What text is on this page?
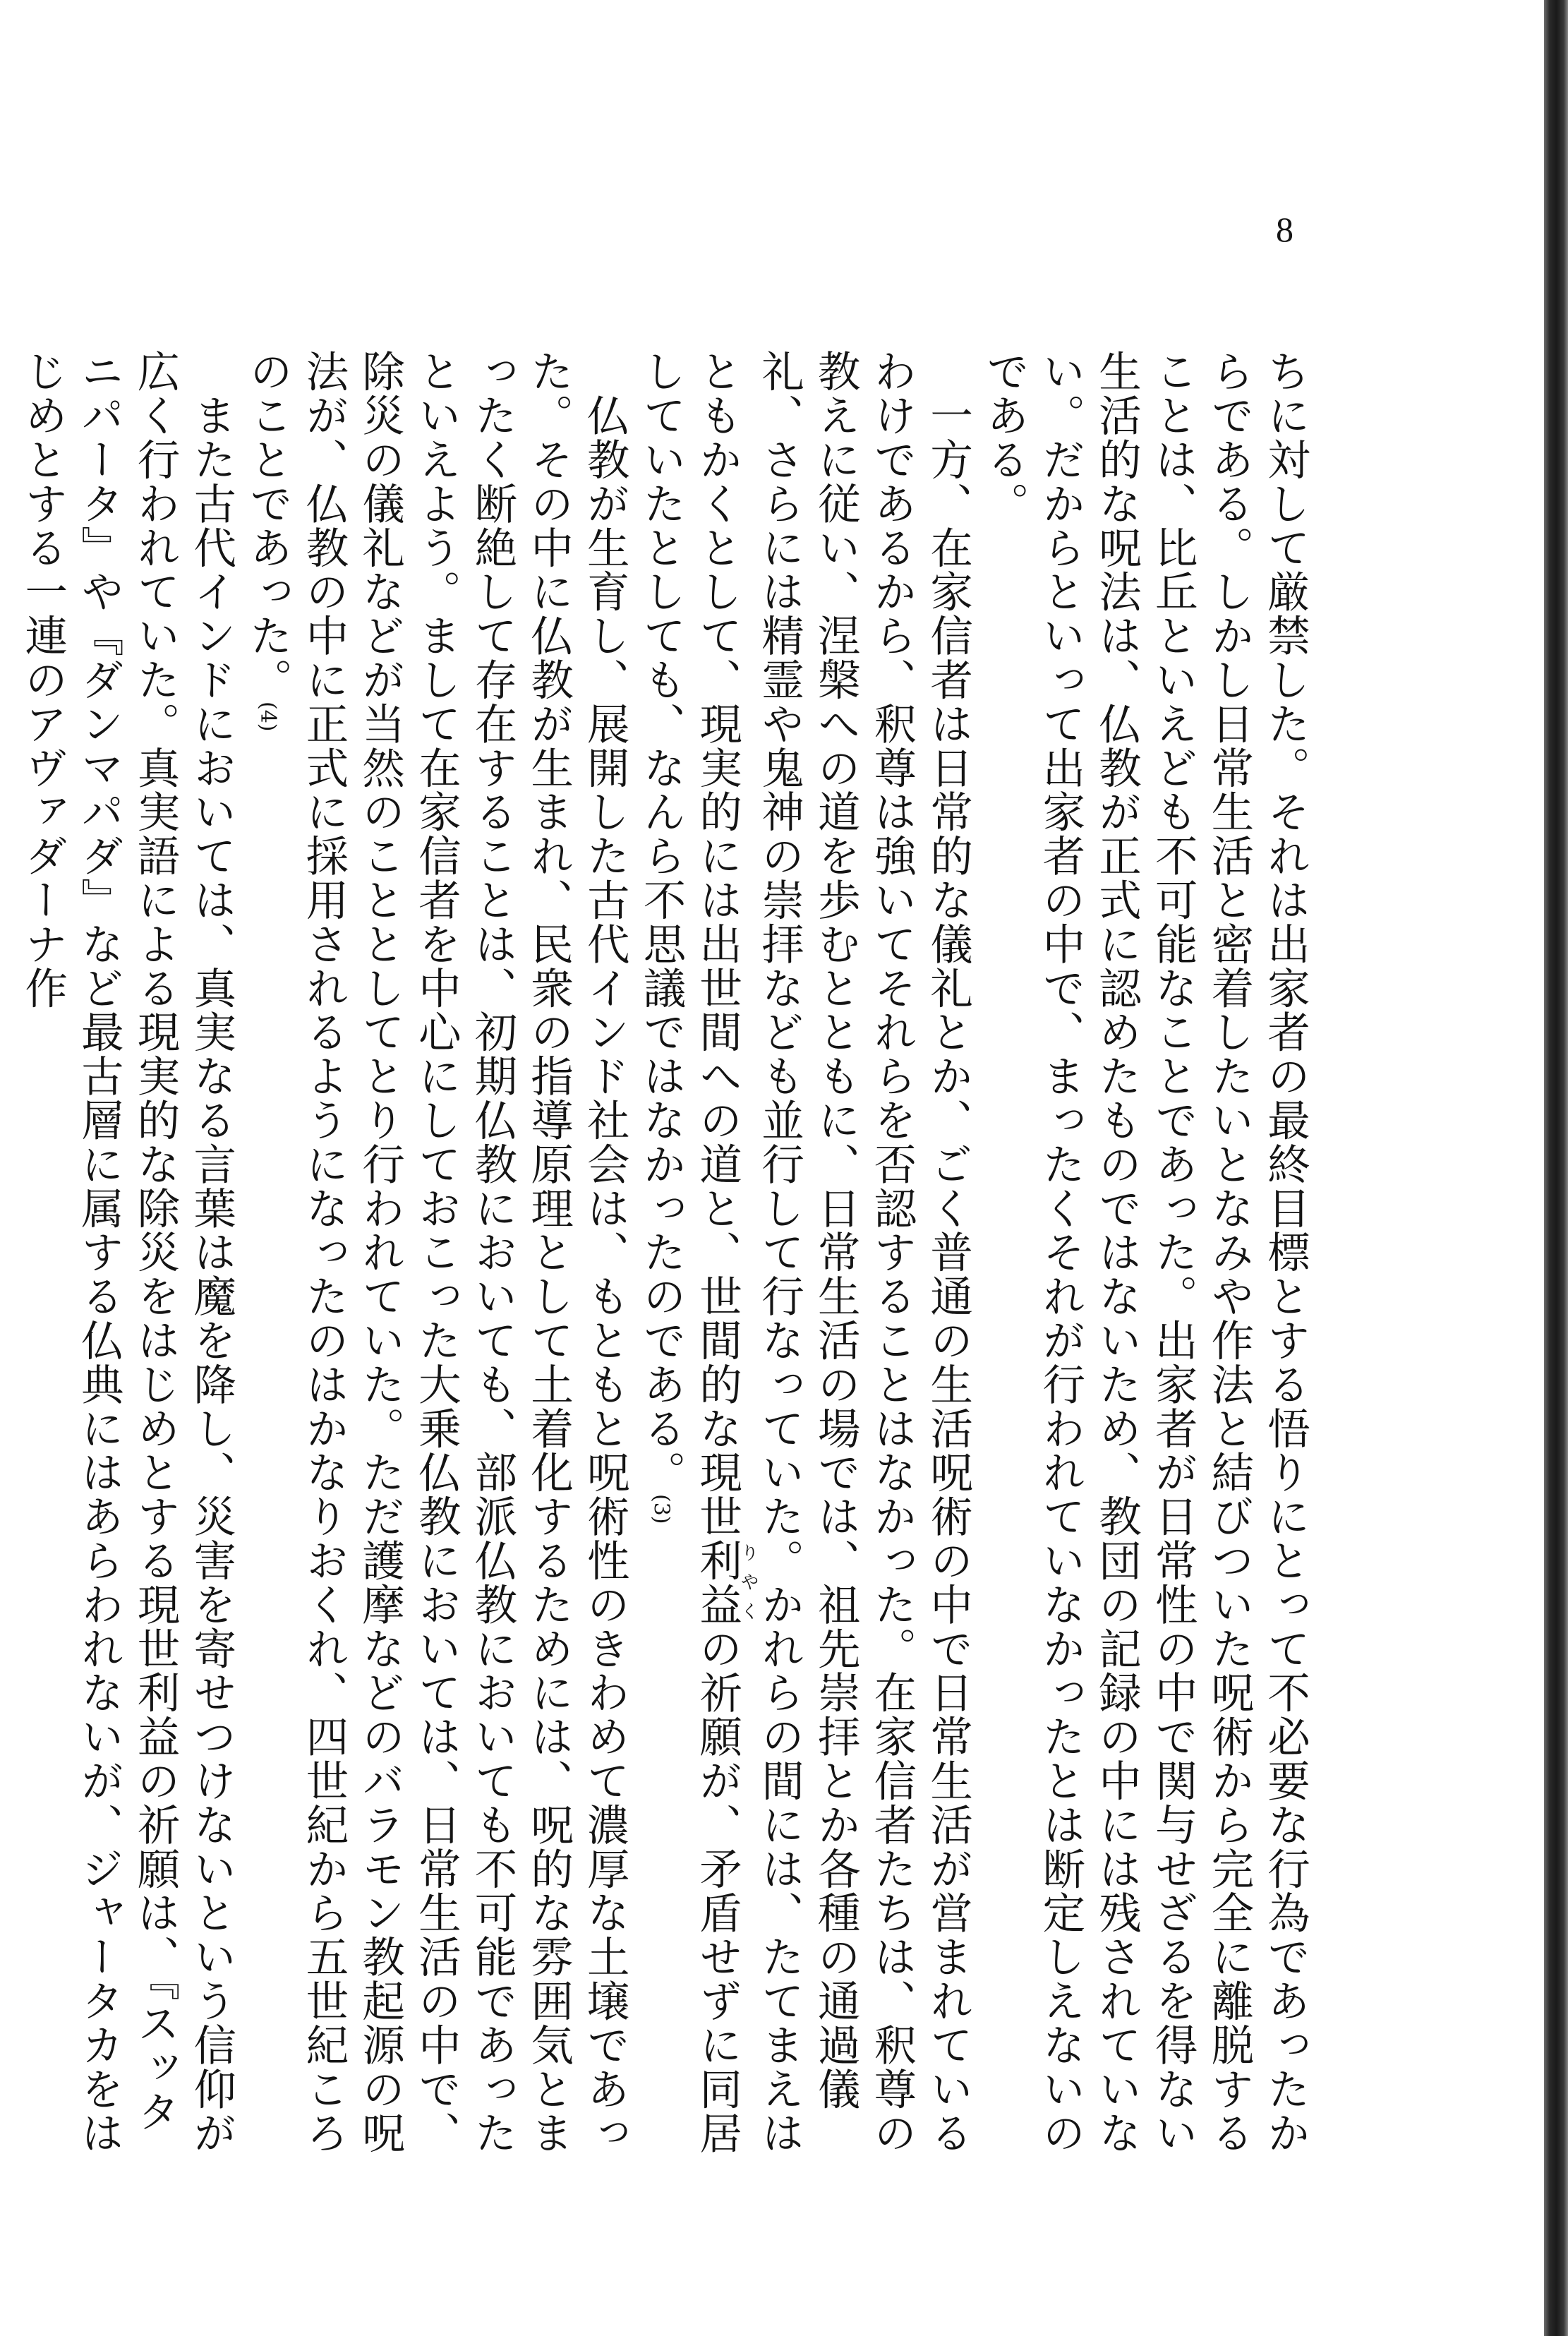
8

ちに対して厳禁した。それは出家者の最終目標とする悟りにとって不必要な行為であったからである。しかし日常生活と密着したいとなみや作法と結びついた呪術から完全に離脱することは、比丘といえども不可能なことであった。出家者が日常性の中で関与せざるを得ない生活的な呪法は、仏教が正式に認めたものではないため、教団の記録の中には残されていない。だからといって出家者の中で、まったくそれが行われていなかったとは断定しえないのである。

一方、在家信者は日常的な儀礼とか、ごく普通の生活呪術の中で日常生活が営まれているわけであるから、釈尊は強いてそれらを否認することはなかった。在家信者たちは、釈尊の教えに従い、涅槃への道を歩むとともに、日常生活の場では、祖先崇拝とか各種の通過儀礼、さらには精霊や鬼神の崇拝なども並行して行なっていた。かれらの間には、たてまえはともかくとして、現実的には出世間への道と、世間的な現世利益りやくの祈願が、矛盾せずに同居していたとしても、なんら不思議ではなかったのである。(3)

仏教が生育し、展開した古代インド社会は、もともと呪術性のきわめて濃厚な土壌であった。その中に仏教が生まれ、民衆の指導原理として土着化するためには、呪的な雰囲気とまったく断絶して存在することは、初期仏教においても、部派仏教においても不可能であったといえよう。まして在家信者を中心にしておこった大乗仏教においては、日常生活の中で、除災の儀礼などが当然のこととしてとり行われていた。ただ護摩などのバラモン教起源の呪法が、仏教の中に正式に採用されるようになったのはかなりおくれ、四世紀から五世紀ころのことであった。(4)

また古代インドにおいては、真実なる言葉は魔を降し、災害を寄せつけないという信仰が広く行われていた。真実語による現実的な除災をはじめとする現世利益の祈願は、『スッタニパータ』や『ダンマパダ』など最古層に属する仏典にはあらわれないが、ジャータカをはじめとする一連のアヴァダーナ作
